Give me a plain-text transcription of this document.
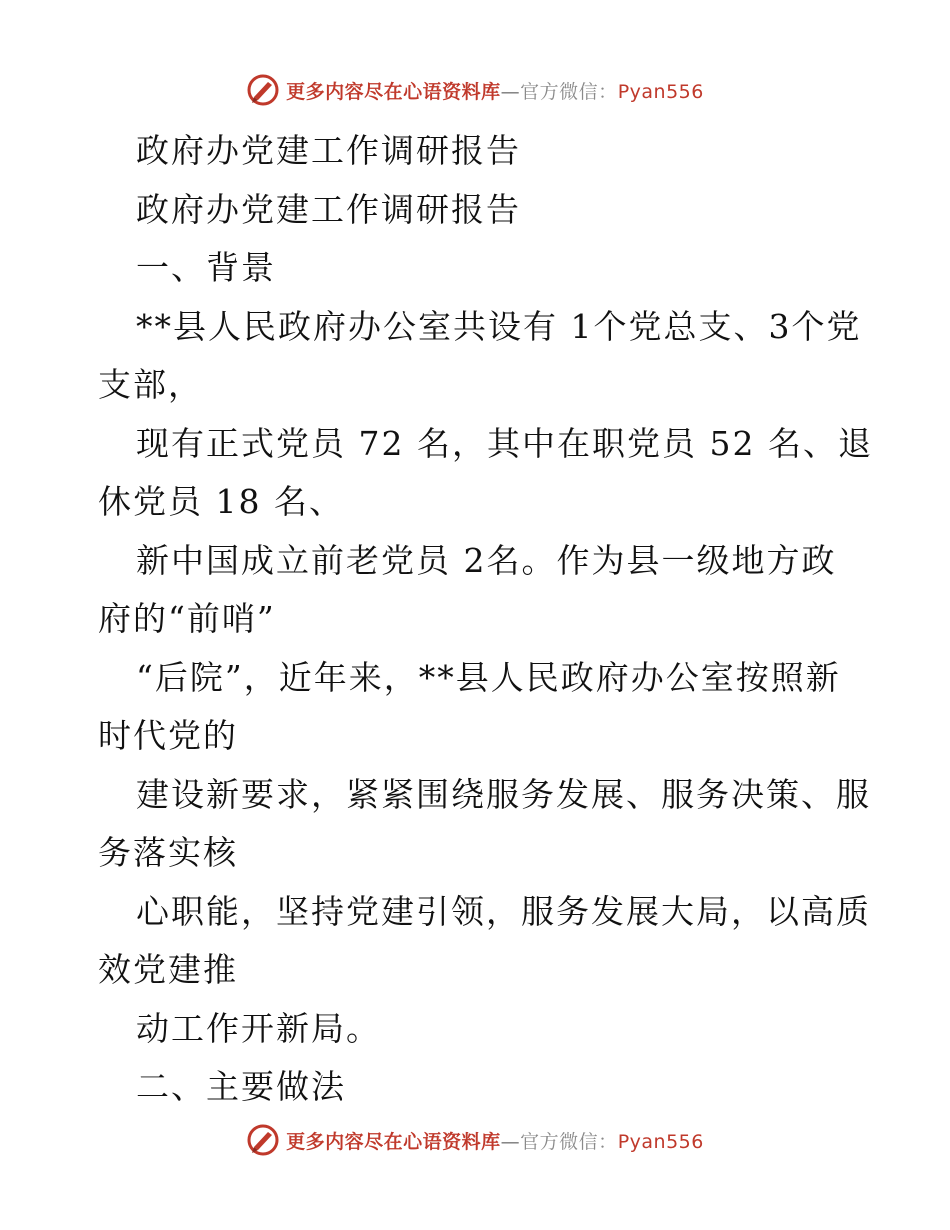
更多内容尽在心语资料库—官方微信：Pyan556
政府办党建工作调研报告
政府办党建工作调研报告
一、背景
**县人民政府办公室共设有 1个党总支、3个党
支部，
现有正式党员 72 名，其中在职党员 52 名、退
休党员 18 名、
新中国成立前老党员 2名。作为县一级地方政
府的“前哨”
“后院”，近年来，**县人民政府办公室按照新
时代党的
建设新要求，紧紧围绕服务发展、服务决策、服
务落实核
心职能，坚持党建引领，服务发展大局，以高质
效党建推
动工作开新局。
二、主要做法
更多内容尽在心语资料库—官方微信：Pyan556
